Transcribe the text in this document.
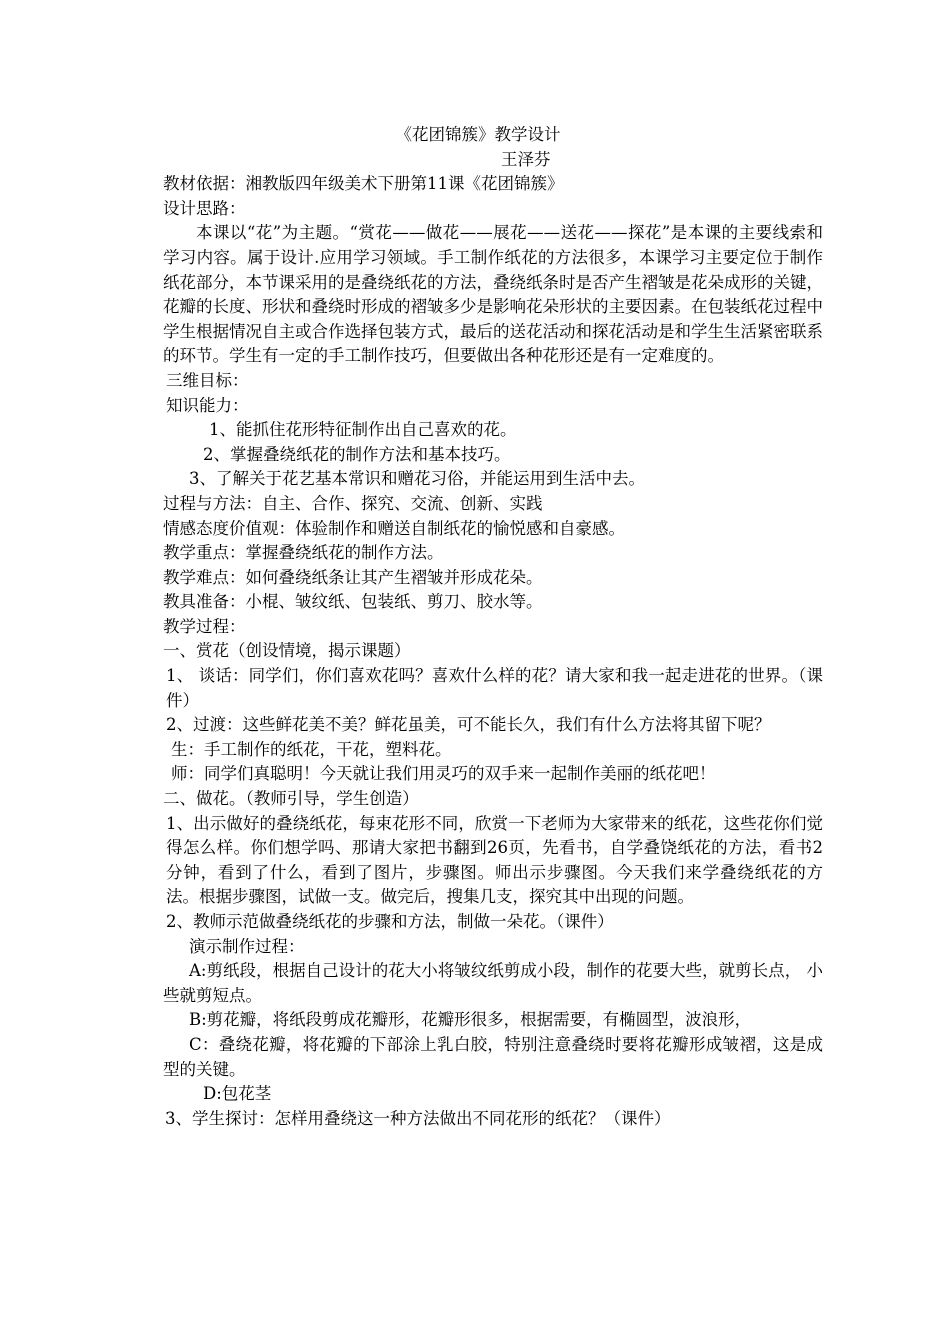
《花团锦簇》教学设计
王泽芬
教材依据：湘教版四年级美术下册第11课《花团锦簇》
设计思路：
本课以“花”为主题。“赏花——做花——展花——送花——探花”是本课的主要线索和学习内容。属于设计.应用学习领域。手工制作纸花的方法很多，本课学习主要定位于制作纸花部分，本节课采用的是叠绕纸花的方法，叠绕纸条时是否产生褶皱是花朵成形的关键，花瓣的长度、形状和叠绕时形成的褶皱多少是影响花朵形状的主要因素。在包装纸花过程中学生根据情况自主或合作选择包装方式，最后的送花活动和探花活动是和学生生活紧密联系的环节。学生有一定的手工制作技巧，但要做出各种花形还是有一定难度的。
三维目标：
知识能力：
1、能抓住花形特征制作出自己喜欢的花。
2、掌握叠绕纸花的制作方法和基本技巧。
3、了解关于花艺基本常识和赠花习俗，并能运用到生活中去。
过程与方法：自主、合作、探究、交流、创新、实践
情感态度价值观：体验制作和赠送自制纸花的愉悦感和自豪感。
教学重点：掌握叠绕纸花的制作方法。
教学难点：如何叠绕纸条让其产生褶皱并形成花朵。
教具准备：小棍、皱纹纸、包装纸、剪刀、胶水等。
教学过程：
一、赏花（创设情境，揭示课题）
1、 谈话：同学们，你们喜欢花吗？喜欢什么样的花？请大家和我一起走进花的世界。（课件）
2、过渡：这些鲜花美不美？鲜花虽美，可不能长久，我们有什么方法将其留下呢？
生：手工制作的纸花，干花，塑料花。
师：同学们真聪明！今天就让我们用灵巧的双手来一起制作美丽的纸花吧！
二、做花。（教师引导，学生创造）
1、出示做好的叠绕纸花，每束花形不同，欣赏一下老师为大家带来的纸花，这些花你们觉得怎么样。你们想学吗、那请大家把书翻到26页，先看书，自学叠饶纸花的方法，看书2分钟，看到了什么，看到了图片，步骤图。师出示步骤图。今天我们来学叠绕纸花的方法。根据步骤图，试做一支。做完后，搜集几支，探究其中出现的问题。
2、教师示范做叠绕纸花的步骤和方法，制做一朵花。（课件）
演示制作过程：
A:剪纸段，根据自己设计的花大小将皱纹纸剪成小段，制作的花要大些，就剪长点， 小些就剪短点。
B:剪花瓣，将纸段剪成花瓣形，花瓣形很多，根据需要，有椭圆型，波浪形，
C：叠绕花瓣，将花瓣的下部涂上乳白胶，特别注意叠绕时要将花瓣形成皱褶，这是成型的关键。
D:包花茎
3、学生探讨：怎样用叠绕这一种方法做出不同花形的纸花？（课件）
